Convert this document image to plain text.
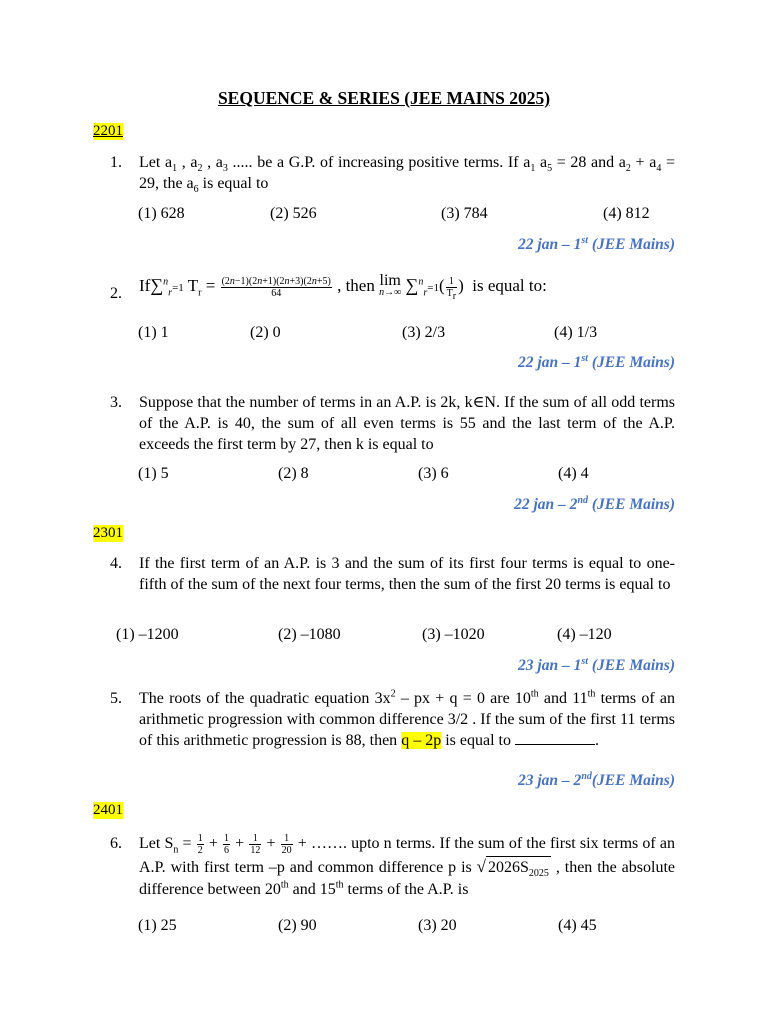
SEQUENCE & SERIES (JEE MAINS 2025)
2201
1. Let $a_1$ , $a_2$ , $a_3$ ..... be a G.P. of increasing positive terms. If $a_1$ $a_5 = 28$ and $a_2 + a_4 = 29$, the $a_6$ is equal to
(1) 628	(2) 526	(3) 784	(4) 812
22 jan – 1st (JEE Mains)
2. If∑$^n_r$=1 $T_r = \frac{(2n-1)(2n+1)(2n+3)(2n+5)}{64}$ , then lim
n→∞ $\sum^n_r=1( \frac{1}{T_r}$ )  is equal to:
(1) 1	(2) 0	(3) 2/3	(4) 1/3
22 jan – 1st (JEE Mains)
3. Suppose that the number of terms in an A.P. is 2k, k∈N. If the sum of all odd terms of the A.P. is 40, the sum of all even terms is 55 and the last term of the A.P. exceeds the first term by 27, then k is equal to
(1) 5	(2) 8	(3) 6	(4) 4
22 jan – 2nd (JEE Mains)
2301
4. If the first term of an A.P. is 3 and the sum of its first four terms is equal to one-fifth of the sum of the next four terms, then the sum of the first 20 terms is equal to
(1) –1200	(2) –1080	(3) –1020	(4) –120
23 jan – 1st (JEE Mains)
5. The roots of the quadratic equation $3x^2$ – px + q = 0 are 10th and 11th terms of an arithmetic progression with common difference 3/2 . If the sum of the first 11 terms of this arithmetic progression is 88, then q – 2p is equal to	.
23 jan – 2nd(JEE Mains)
2401
6. Let $S_n = \frac{1}{2} + \frac{1}{6} + \frac{1}{12} + \frac{1}{20}$ + ……. upto n terms. If the sum of the first six terms of an A.P. with first term –p and common difference p is √ $2026S_{2025}$ , then the absolute difference between 20th and 15th terms of the A.P. is
(1) 25	(2) 90	(3) 20	(4) 45
